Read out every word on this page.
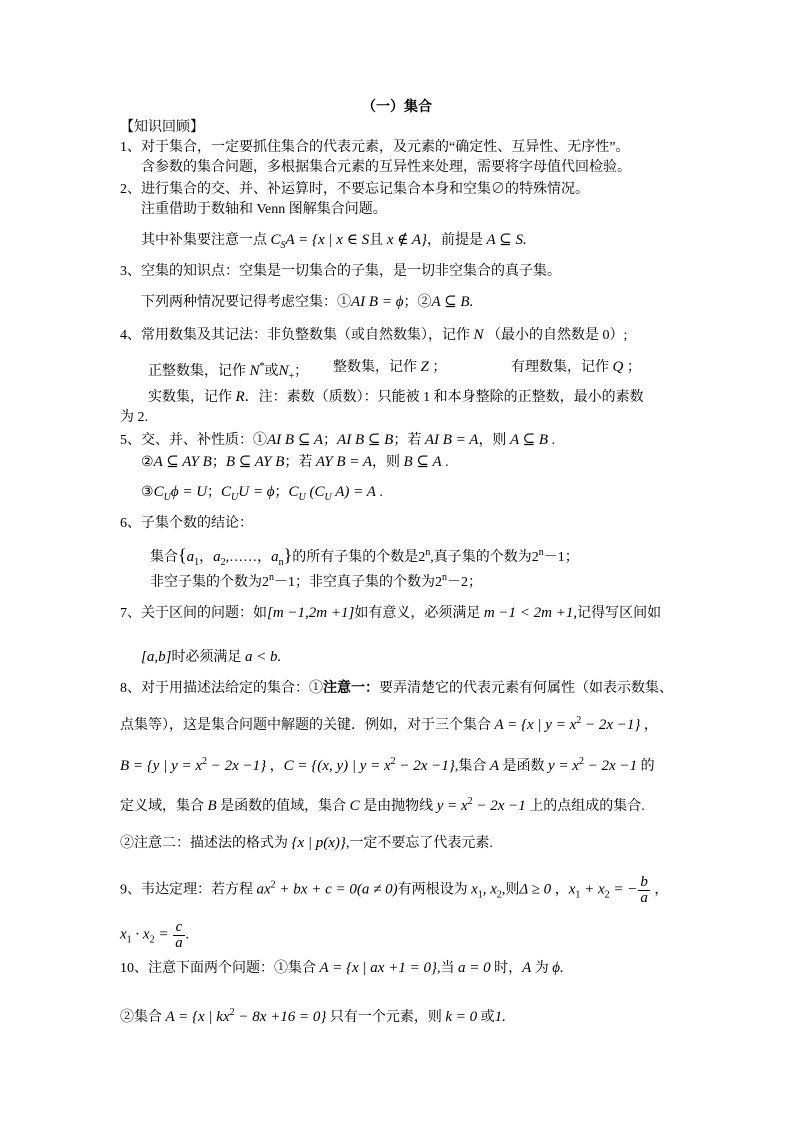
（一）集合
【知识回顾】
1、对于集合，一定要抓住集合的代表元素，及元素的“确定性、互异性、无序性”。
含参数的集合问题，多根据集合元素的互异性来处理，需要将字母值代回检验。
2、进行集合的交、并、补运算时，不要忘记集合本身和空集∅的特殊情况。
注重借助于数轴和 Venn 图解集合问题。
其中补集要注意一点 $C_SA = \{x$ | x ∈ S且 x ∉ A}，前提是 A ⊆ S.
3、空集的知识点：空集是一切集合的子集，是一切非空集合的真子集。
下列两种情况要记得考虑空集：①AI B = ϕ；②A ⊆ B.
4、常用数集及其记法：非负整数集（或自然数集），记作 N （最小的自然数是 0）;
正整数集，记作 N*或$N_+$； 整数集，记作 Z ；	有理数集，记作 Q ；
实数集，记作 R．注：素数（质数）：只能被 1 和本身整除的正整数，最小的素数
为 2.
5、交、并、补性质：①AI B ⊆ A；AI B ⊆ B；若 AI B = A，则 A ⊆ B .
②A ⊆ AY B；B ⊆ AY B；若 AY B = A，则 B ⊆ A .
$③C_U\phi = U$；$C_UU = \phi$；$C_U$ ($C_U$ A) = A .
6、子集个数的结论：
集合{$a_1$，$a_2,\dots\dots$，$a_n$}的所有子集的个数是2$^n$,真子集的个数为$2^n-1$；
非空子集的个数为$2^n-1$；非空真子集的个数为$2^n-2$；
7、关于区间的问题：如[m −1,2m +1]如有意义，必须满足 m −1 < 2m +1,记得写区间如
[a,b]时必须满足 a < b.
8、对于用描述法给定的集合：①注意一：要弄清楚它的代表元素有何属性（如表示数集、
点集等），这是集合问题中解题的关键．例如，对于三个集合 A = {x | $y = x^2 - 2x -1$} ，
B = {y | $y = x^2 - 2x -1$} ，C = {(x, y) | $y = x^2 - 2x -1$},集合 A 是函数 $y = x^2 - 2x -1$ 的
定义域，集合 B 是函数的值域，集合 C 是由抛物线 $y = x^2 - 2x -1$ 上的点组成的集合.
②注意二：描述法的格式为 {x | p(x)},一定不要忘了代表元素.
9、韦达定理：若方程 $ax^2$ + bx + c = 0(a ≠ 0)有两根设为 $x_1$, $x_2$,则Δ ≥ 0 ，$x_1 + x_2$ = − $\frac{b}{a}$ ，
$x_1 \cdot x_2 = \frac{c}{a}$ .
10、注意下面两个问题：①集合 A = {x | ax +1 = 0},当 a = 0 时，A 为 ϕ.
②集合 A = {x | $kx^2 - 8x +16 = 0$} 只有一个元素，则 k = 0 或1.
